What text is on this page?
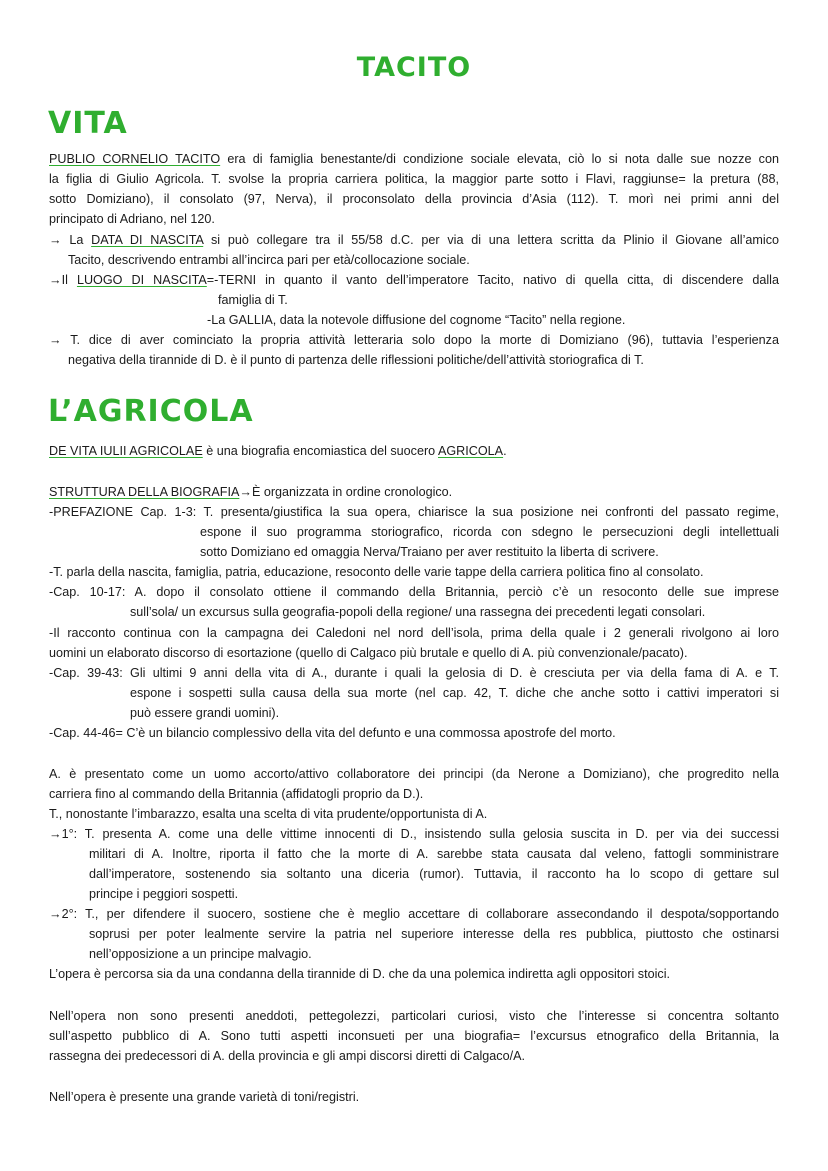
TACITO
VITA
PUBLIO CORNELIO TACITO era di famiglia benestante/di condizione sociale elevata, ciò lo si nota dalle sue nozze con
la figlia di Giulio Agricola. T. svolse la propria carriera politica, la maggior parte sotto i Flavi, raggiunse= la pretura (88,
sotto Domiziano), il consolato (97, Nerva), il proconsolato della provincia d’Asia (112). T. morì nei primi anni del
principato di Adriano, nel 120.
→ La DATA DI NASCITA si può collegare tra il 55/58 d.C. per via di una lettera scritta da Plinio il Giovane all’amico
Tacito, descrivendo entrambi all’incirca pari per età/collocazione sociale.
→Il LUOGO DI NASCITA=-TERNI in quanto il vanto dell’imperatore Tacito, nativo di quella citta, di discendere dalla
famiglia di T.
-La GALLIA, data la notevole diffusione del cognome “Tacito” nella regione.
→ T. dice di aver cominciato la propria attività letteraria solo dopo la morte di Domiziano (96), tuttavia l’esperienza
negativa della tirannide di D. è il punto di partenza delle riflessioni politiche/dell’attività storiografica di T.
L’AGRICOLA
DE VITA IULII AGRICOLAE è una biografia encomiastica del suocero AGRICOLA.
STRUTTURA DELLA BIOGRAFIA→È organizzata in ordine cronologico.
-PREFAZIONE Cap. 1-3: T. presenta/giustifica la sua opera, chiarisce la sua posizione nei confronti del passato regime,
espone il suo programma storiografico, ricorda con sdegno le persecuzioni degli intellettuali
sotto Domiziano ed omaggia Nerva/Traiano per aver restituito la liberta di scrivere.
-T. parla della nascita, famiglia, patria, educazione, resoconto delle varie tappe della carriera politica fino al consolato.
-Cap. 10-17: A. dopo il consolato ottiene il commando della Britannia, perciò c’è un resoconto delle sue imprese
sull’sola/ un excursus sulla geografia-popoli della regione/ una rassegna dei precedenti legati consolari.
-Il racconto continua con la campagna dei Caledoni nel nord dell’isola, prima della quale i 2 generali rivolgono ai loro
uomini un elaborato discorso di esortazione (quello di Calgaco più brutale e quello di A. più convenzionale/pacato).
-Cap. 39-43: Gli ultimi 9 anni della vita di A., durante i quali la gelosia di D. è cresciuta per via della fama di A. e T.
espone i sospetti sulla causa della sua morte (nel cap. 42, T. diche che anche sotto i cattivi imperatori si
può essere grandi uomini).
-Cap. 44-46= C’è un bilancio complessivo della vita del defunto e una commossa apostrofe del morto.
A. è presentato come un uomo accorto/attivo collaboratore dei principi (da Nerone a Domiziano), che progredito nella
carriera fino al commando della Britannia (affidatogli proprio da D.).
T., nonostante l’imbarazzo, esalta una scelta di vita prudente/opportunista di A.
→1°: T. presenta A. come una delle vittime innocenti di D., insistendo sulla gelosia suscita in D. per via dei successi
militari di A. Inoltre, riporta il fatto che la morte di A. sarebbe stata causata dal veleno, fattogli somministrare
dall’imperatore, sostenendo sia soltanto una diceria (rumor). Tuttavia, il racconto ha lo scopo di gettare sul
principe i peggiori sospetti.
→2°: T., per difendere il suocero, sostiene che è meglio accettare di collaborare assecondando il despota/sopportando
soprusi per poter lealmente servire la patria nel superiore interesse della res pubblica, piuttosto che ostinarsi
nell’opposizione a un principe malvagio.
L’opera è percorsa sia da una condanna della tirannide di D. che da una polemica indiretta agli oppositori stoici.
Nell’opera non sono presenti aneddoti, pettegolezzi, particolari curiosi, visto che l’interesse si concentra soltanto
sull’aspetto pubblico di A. Sono tutti aspetti inconsueti per una biografia= l’excursus etnografico della Britannia, la
rassegna dei predecessori di A. della provincia e gli ampi discorsi diretti di Calgaco/A.
Nell’opera è presente una grande varietà di toni/registri.
